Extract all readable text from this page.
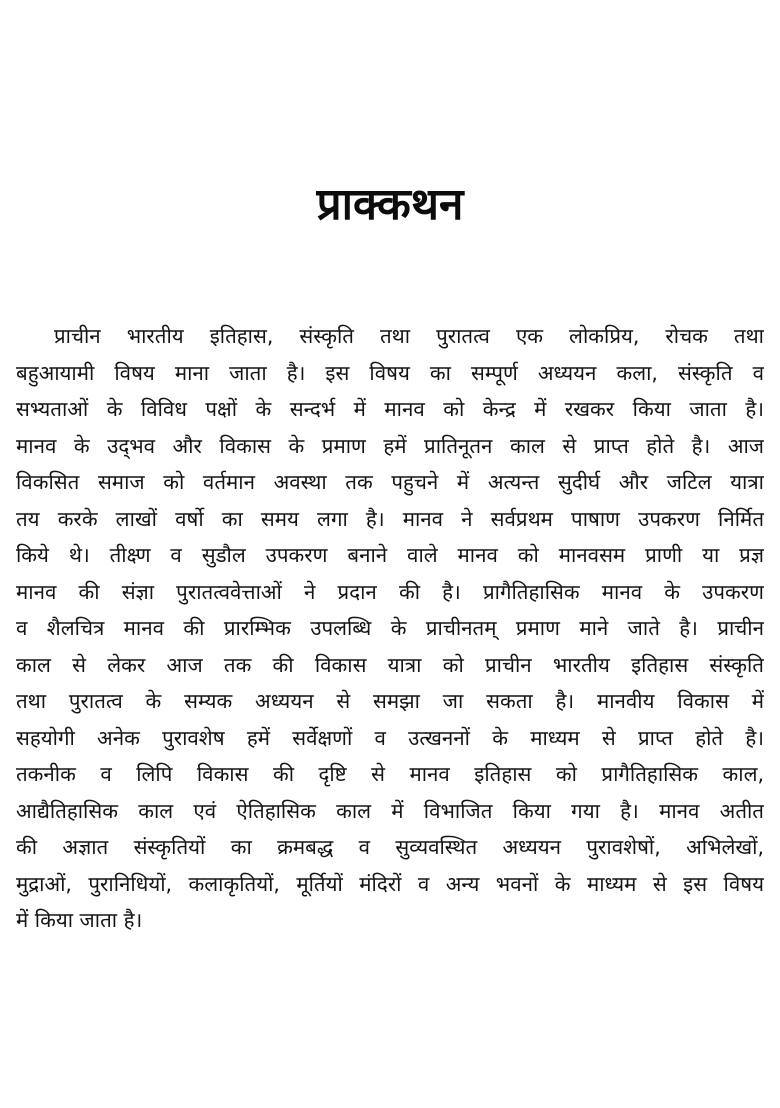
प्राक्कथन
प्राचीन भारतीय इतिहास, संस्कृति तथा पुरातत्व एक लोकप्रिय, रोचक तथा
बहुआयामी विषय माना जाता है। इस विषय का सम्पूर्ण अध्ययन कला, संस्कृति व
सभ्यताओं के विविध पक्षों के सन्दर्भ में मानव को केन्द्र में रखकर किया जाता है।
मानव के उद्‌भव और विकास के प्रमाण हमें प्रातिनूतन काल से प्राप्त होते है। आज
विकसित समाज को वर्तमान अवस्था तक पहुचने में अत्यन्त सुदीर्घ और जटिल यात्रा
तय करके लाखों वर्षो का समय लगा है। मानव ने सर्वप्रथम पाषाण उपकरण निर्मित
किये थे। तीक्ष्ण व सुडौल उपकरण बनाने वाले मानव को मानवसम प्राणी या प्रज्ञ
मानव की संज्ञा पुरातत्ववेत्ताओं ने प्रदान की है। प्रागैतिहासिक मानव के उपकरण
व शैलचित्र मानव की प्रारम्भिक उपलब्धि के प्राचीनतम् प्रमाण माने जाते है। प्राचीन
काल से लेकर आज तक की विकास यात्रा को प्राचीन भारतीय इतिहास संस्कृति
तथा पुरातत्व के सम्यक अध्ययन से समझा जा सकता है। मानवीय विकास में
सहयोगी अनेक पुरावशेष हमें सर्वेक्षणों व उत्खननों के माध्यम से प्राप्त होते है।
तकनीक व लिपि विकास की दृष्टि से मानव इतिहास को प्रागैतिहासिक काल,
आद्यैतिहासिक काल एवं ऐतिहासिक काल में विभाजित किया गया है। मानव अतीत
की अज्ञात संस्कृतियों का क्रमबद्ध व सुव्यवस्थित अध्ययन पुरावशेषों, अभिलेखों,
मुद्राओं, पुरानिधियों, कलाकृतियों, मूर्तियों मंदिरों व अन्य भवनों के माध्यम से इस विषय
में किया जाता है।
